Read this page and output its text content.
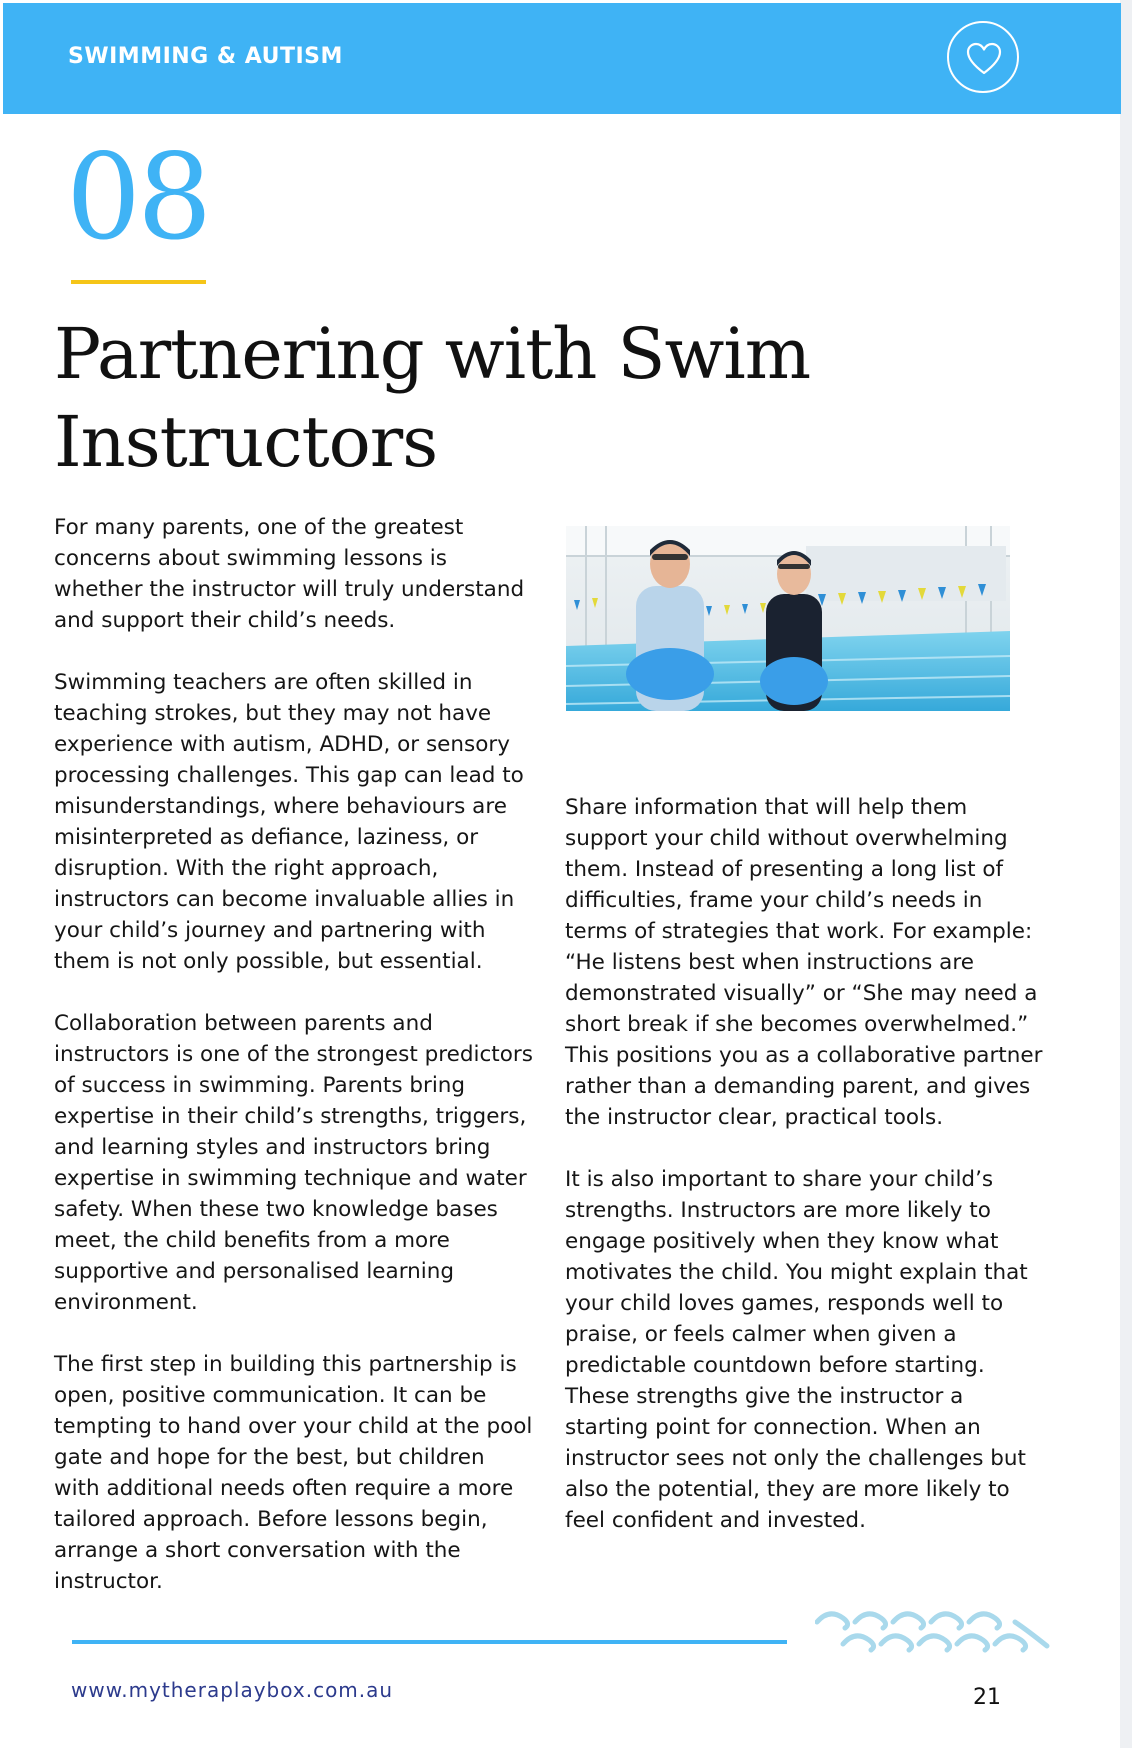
SWIMMING & AUTISM
08
Partnering with Swim Instructors

For many parents, one of the greatest concerns about swimming lessons is whether the instructor will truly understand and support their child’s needs.

Swimming teachers are often skilled in teaching strokes, but they may not have experience with autism, ADHD, or sensory processing challenges. This gap can lead to misunderstandings, where behaviours are misinterpreted as defiance, laziness, or disruption. With the right approach, instructors can become invaluable allies in your child’s journey and partnering with them is not only possible, but essential.

Collaboration between parents and instructors is one of the strongest predictors of success in swimming. Parents bring expertise in their child’s strengths, triggers, and learning styles and instructors bring expertise in swimming technique and water safety. When these two knowledge bases meet, the child benefits from a more supportive and personalised learning environment.

The first step in building this partnership is open, positive communication. It can be tempting to hand over your child at the pool gate and hope for the best, but children with additional needs often require a more tailored approach. Before lessons begin, arrange a short conversation with the instructor.

Share information that will help them support your child without overwhelming them. Instead of presenting a long list of difficulties, frame your child’s needs in terms of strategies that work. For example: “He listens best when instructions are demonstrated visually” or “She may need a short break if she becomes overwhelmed.” This positions you as a collaborative partner rather than a demanding parent, and gives the instructor clear, practical tools.

It is also important to share your child’s strengths. Instructors are more likely to engage positively when they know what motivates the child. You might explain that your child loves games, responds well to praise, or feels calmer when given a predictable countdown before starting. These strengths give the instructor a starting point for connection. When an instructor sees not only the challenges but also the potential, they are more likely to feel confident and invested.

www.mytheraplaybox.com.au	21
